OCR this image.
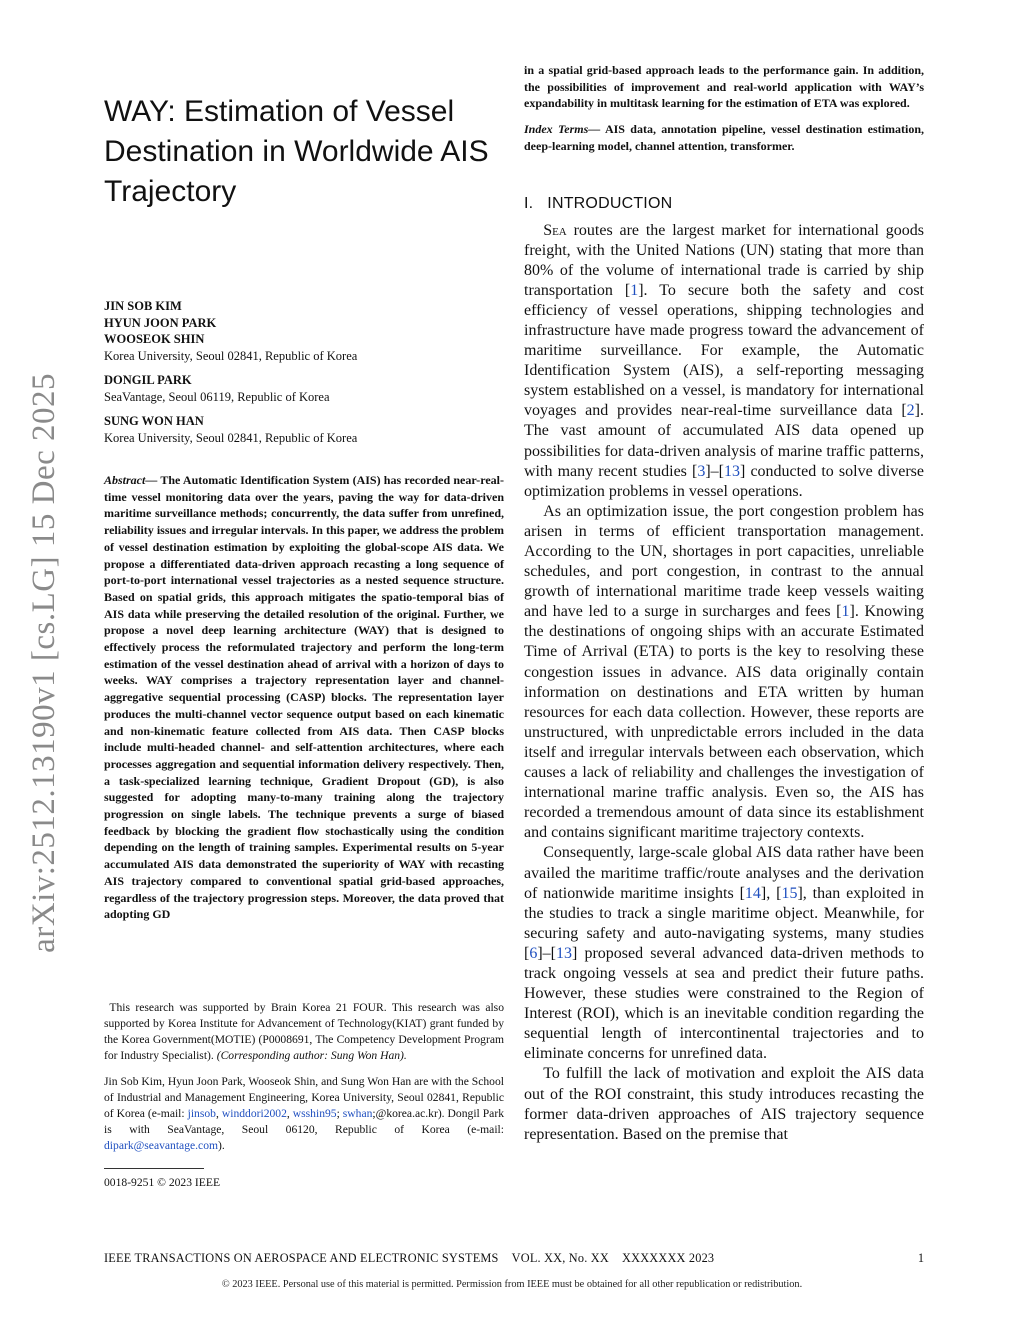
arXiv:2512.13190v1 [cs.LG] 15 Dec 2025
WAY: Estimation of Vessel
Destination in Worldwide AIS
Trajectory
JIN SOB KIM
HYUN JOON PARK
WOOSEOK SHIN
Korea University, Seoul 02841, Republic of Korea
DONGIL PARK
SeaVantage, Seoul 06119, Republic of Korea
SUNG WON HAN
Korea University, Seoul 02841, Republic of Korea
Abstract— The Automatic Identification System (AIS) has recorded near-real-time vessel monitoring data over the years, paving the way for data-driven maritime surveillance methods; concurrently, the data suffer from unrefined, reliability issues and irregular intervals. In this paper, we address the problem of vessel destination estimation by exploiting the global-scope AIS data. We propose a differentiated data-driven approach recasting a long sequence of port-to-port international vessel trajectories as a nested sequence structure. Based on spatial grids, this approach mitigates the spatio-temporal bias of AIS data while preserving the detailed resolution of the original. Further, we propose a novel deep learning architecture (WAY) that is designed to effectively process the reformulated trajectory and perform the long-term estimation of the vessel destination ahead of arrival with a horizon of days to weeks. WAY comprises a trajectory representation layer and channel-aggregative sequential processing (CASP) blocks. The representation layer produces the multi-channel vector sequence output based on each kinematic and non-kinematic feature collected from AIS data. Then CASP blocks include multi-headed channel- and self-attention architectures, where each processes aggregation and sequential information delivery respectively. Then, a task-specialized learning technique, Gradient Dropout (GD), is also suggested for adopting many-to-many training along the trajectory progression on single labels. The technique prevents a surge of biased feedback by blocking the gradient flow stochastically using the condition depending on the length of training samples. Experimental results on 5-year accumulated AIS data demonstrated the superiority of WAY with recasting AIS trajectory compared to conventional spatial grid-based approaches, regardless of the trajectory progression steps. Moreover, the data proved that adopting GD

This research was supported by Brain Korea 21 FOUR. This research was also supported by Korea Institute for Advancement of Technology(KIAT) grant funded by the Korea Government(MOTIE) (P0008691, The Competency Development Program for Industry Specialist). (Corresponding author: Sung Won Han).

Jin Sob Kim, Hyun Joon Park, Wooseok Shin, and Sung Won Han are with the School of Industrial and Management Engineering, Korea University, Seoul 02841, Republic of Korea (e-mail: jinsob, winddori2002, wsshin95; swhan;@korea.ac.kr). Dongil Park is with SeaVantage, Seoul 06120, Republic of Korea (e-mail: dipark@seavantage.com).

0018-9251 © 2023 IEEE

in a spatial grid-based approach leads to the performance gain. In addition, the possibilities of improvement and real-world application with WAY’s expandability in multitask learning for the estimation of ETA was explored.

Index Terms— AIS data, annotation pipeline, vessel destination estimation, deep-learning model, channel attention, transformer.
I. INTRODUCTION

Sea routes are the largest market for international goods freight, with the United Nations (UN) stating that more than 80% of the volume of international trade is carried by ship transportation [1]. To secure both the safety and cost efficiency of vessel operations, shipping technologies and infrastructure have made progress toward the advancement of maritime surveillance. For example, the Automatic Identification System (AIS), a self-reporting messaging system established on a vessel, is mandatory for international voyages and provides near-real-time surveillance data [2]. The vast amount of accumulated AIS data opened up possibilities for data-driven analysis of marine traffic patterns, with many recent studies [3]–[13] conducted to solve diverse optimization problems in vessel operations.

As an optimization issue, the port congestion problem has arisen in terms of efficient transportation management. According to the UN, shortages in port capacities, unreliable schedules, and port congestion, in contrast to the annual growth of international maritime trade keep vessels waiting and have led to a surge in surcharges and fees [1]. Knowing the destinations of ongoing ships with an accurate Estimated Time of Arrival (ETA) to ports is the key to resolving these congestion issues in advance. AIS data originally contain information on destinations and ETA written by human resources for each data collection. However, these reports are unstructured, with unpredictable errors included in the data itself and irregular intervals between each observation, which causes a lack of reliability and challenges the investigation of international marine traffic analysis. Even so, the AIS has recorded a tremendous amount of data since its establishment and contains significant maritime trajectory contexts.

Consequently, large-scale global AIS data rather have been availed the maritime traffic/route analyses and the derivation of nationwide maritime insights [14], [15], than exploited in the studies to track a single maritime object. Meanwhile, for securing safety and auto-navigating systems, many studies [6]–[13] proposed several advanced data-driven methods to track ongoing vessels at sea and predict their future paths. However, these studies were constrained to the Region of Interest (ROI), which is an inevitable condition regarding the sequential length of intercontinental trajectories and to eliminate concerns for unrefined data.

To fulfill the lack of motivation and exploit the AIS data out of the ROI constraint, this study introduces recasting the former data-driven approaches of AIS trajectory sequence representation. Based on the premise that

IEEE TRANSACTIONS ON AEROSPACE AND ELECTRONIC SYSTEMS    VOL. XX, No. XX    XXXXXXX 2023	1
© 2023 IEEE. Personal use of this material is permitted. Permission from IEEE must be obtained for all other republication or redistribution.
